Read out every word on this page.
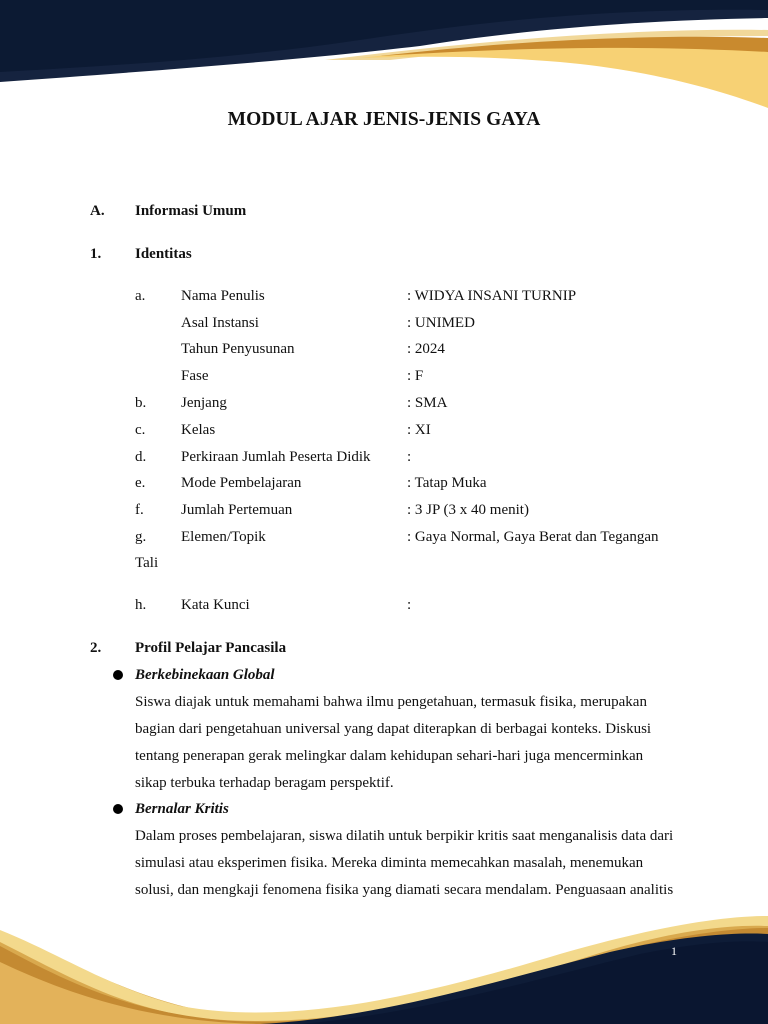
MODUL AJAR JENIS-JENIS GAYA
A. Informasi Umum
1. Identitas
a. Nama Penulis	: WIDYA INSANI TURNIP
Asal Instansi	: UNIMED
Tahun Penyusunan	: 2024
Fase	: F
b. Jenjang	: SMA
c. Kelas	: XI
d. Perkiraan Jumlah Peserta Didik :
e. Mode Pembelajaran	: Tatap Muka
f. Jumlah Pertemuan	: 3 JP (3 x 40 menit)
g. Elemen/Topik	: Gaya Normal, Gaya Berat dan Tegangan
Tali
h. Kata Kunci	:
2. Profil Pelajar Pancasila
Berkebinekaan Global
Siswa diajak untuk memahami bahwa ilmu pengetahuan, termasuk fisika, merupakan
bagian dari pengetahuan universal yang dapat diterapkan di berbagai konteks. Diskusi
tentang penerapan gerak melingkar dalam kehidupan sehari-hari juga mencerminkan
sikap terbuka terhadap beragam perspektif.
Bernalar Kritis
Dalam proses pembelajaran, siswa dilatih untuk berpikir kritis saat menganalisis data dari
simulasi atau eksperimen fisika. Mereka diminta memecahkan masalah, menemukan
solusi, dan mengkaji fenomena fisika yang diamati secara mendalam. Penguasaan analitis
1
